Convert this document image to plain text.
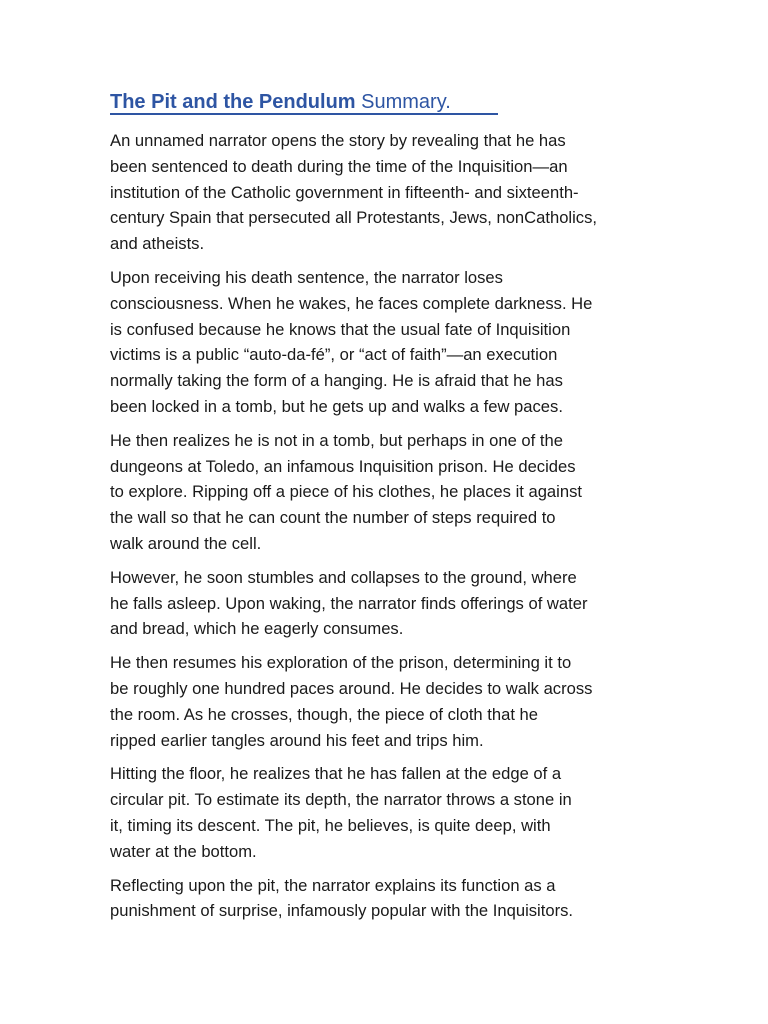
The Pit and the Pendulum Summary.

An unnamed narrator opens the story by revealing that he has
been sentenced to death during the time of the Inquisition—an
institution of the Catholic government in fifteenth- and sixteenth-
century Spain that persecuted all Protestants, Jews, nonCatholics,
and atheists.

Upon receiving his death sentence, the narrator loses
consciousness. When he wakes, he faces complete darkness. He
is confused because he knows that the usual fate of Inquisition
victims is a public “auto-da-fé”, or “act of faith”—an execution
normally taking the form of a hanging. He is afraid that he has
been locked in a tomb, but he gets up and walks a few paces.

He then realizes he is not in a tomb, but perhaps in one of the
dungeons at Toledo, an infamous Inquisition prison. He decides
to explore. Ripping off a piece of his clothes, he places it against
the wall so that he can count the number of steps required to
walk around the cell.

However, he soon stumbles and collapses to the ground, where
he falls asleep. Upon waking, the narrator finds offerings of water
and bread, which he eagerly consumes.

He then resumes his exploration of the prison, determining it to
be roughly one hundred paces around. He decides to walk across
the room. As he crosses, though, the piece of cloth that he
ripped earlier tangles around his feet and trips him.

Hitting the floor, he realizes that he has fallen at the edge of a
circular pit. To estimate its depth, the narrator throws a stone in
it, timing its descent. The pit, he believes, is quite deep, with
water at the bottom.

Reflecting upon the pit, the narrator explains its function as a
punishment of surprise, infamously popular with the Inquisitors.
